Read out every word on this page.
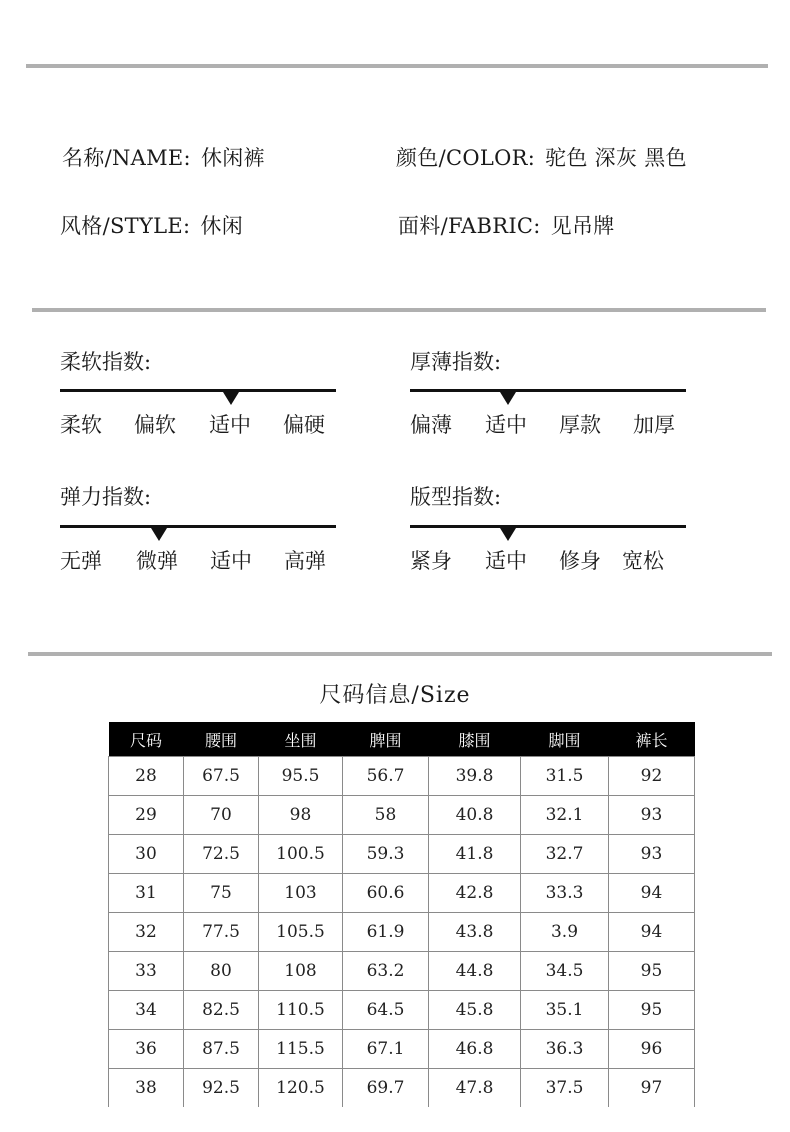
名称/NAME: 休闲裤	颜色/COLOR: 驼色 深灰 黑色
风格/STYLE: 休闲	面料/FABRIC: 见吊牌
柔软指数:
柔软 偏软 适中 偏硬
厚薄指数:
偏薄 适中 厚款 加厚
弹力指数:
无弹 微弹 适中 高弹
版型指数:
紧身 适中 修身 宽松
尺码信息/Size
尺码	腰围	坐围	脾围	膝围	脚围	裤长
28	67.5	95.5	56.7	39.8	31.5	92
29	70	98	58	40.8	32.1	93
30	72.5	100.5	59.3	41.8	32.7	93
31	75	103	60.6	42.8	33.3	94
32	77.5	105.5	61.9	43.8	3.9	94
33	80	108	63.2	44.8	34.5	95
34	82.5	110.5	64.5	45.8	35.1	95
36	87.5	115.5	67.1	46.8	36.3	96
38	92.5	120.5	69.7	47.8	37.5	97
